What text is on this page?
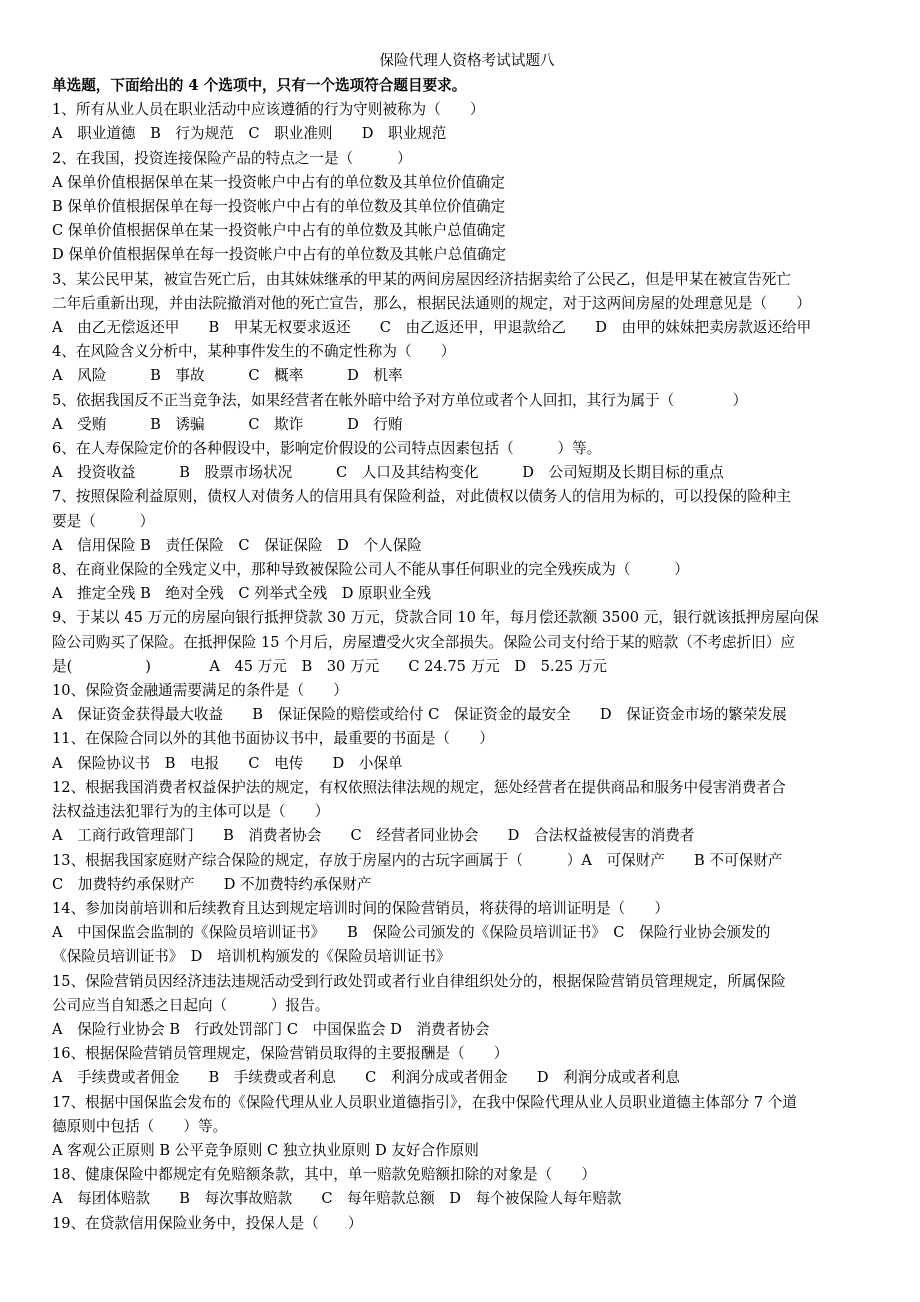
保险代理人资格考试试题八

单选题，下面给出的 4 个选项中，只有一个选项符合题目要求。

1、所有从业人员在职业活动中应该遵循的行为守则被称为（　　）

A　职业道德　B　行为规范　C　职业准则　　D　职业规范

2、在我国，投资连接保险产品的特点之一是（　　　）

A 保单价值根据保单在某一投资帐户中占有的单位数及其单位价值确定

B 保单价值根据保单在每一投资帐户中占有的单位数及其单位价值确定

C 保单价值根据保单在某一投资帐户中占有的单位数及其帐户总值确定

D 保单价值根据保单在每一投资帐户中占有的单位数及其帐户总值确定

3、某公民甲某，被宣告死亡后，由其妹妹继承的甲某的两间房屋因经济拮据卖给了公民乙，但是甲某在被宣告死亡

二年后重新出现，并由法院撤消对他的死亡宣告，那么，根据民法通则的规定，对于这两间房屋的处理意见是（　　）

A　由乙无偿返还甲　　B　甲某无权要求返还　　C　由乙返还甲，甲退款给乙　　D　由甲的妹妹把卖房款返还给甲

4、在风险含义分析中，某种事件发生的不确定性称为（　　）

A　风险　　　B　事故　　　C　概率　　　D　机率

5、依据我国反不正当竞争法，如果经营者在帐外暗中给予对方单位或者个人回扣，其行为属于（　　　　）

A　受贿　　　B　诱骗　　　C　欺诈　　　D　行贿

6、在人寿保险定价的各种假设中，影响定价假设的公司特点因素包括（　　　）等。

A　投资收益　　　B　股票市场状况　　　C　人口及其结构变化　　　D　公司短期及长期目标的重点

7、按照保险利益原则，债权人对债务人的信用具有保险利益，对此债权以债务人的信用为标的，可以投保的险种主

要是（　　　）

A　信用保险 B　责任保险　C　保证保险　D　个人保险

8、在商业保险的全残定义中，那种导致被保险公司人不能从事任何职业的完全残疾成为（　　　）

A　推定全残 B　绝对全残　C 列举式全残　D 原职业全残

9、于某以 45 万元的房屋向银行抵押贷款 30 万元，贷款合同 10 年，每月偿还款额 3500 元，银行就该抵押房屋向保

险公司购买了保险。在抵押保险 15 个月后，房屋遭受火灾全部损失。保险公司支付给于某的赔款（不考虑折旧）应

是(　　　　　)　　　　A　45 万元　B　30 万元　　C 24.75 万元　D　5.25 万元

10、保险资金融通需要满足的条件是（　　）

A　保证资金获得最大收益　　B　保证保险的赔偿或给付 C　保证资金的最安全　　D　保证资金市场的繁荣发展

11、在保险合同以外的其他书面协议书中，最重要的书面是（　　）

A　保险协议书　B　电报　　C　电传　　D　小保单

12、根据我国消费者权益保护法的规定，有权依照法律法规的规定，惩处经营者在提供商品和服务中侵害消费者合

法权益违法犯罪行为的主体可以是（　　）

A　工商行政管理部门　　B　消费者协会　　C　经营者同业协会　　D　合法权益被侵害的消费者

13、根据我国家庭财产综合保险的规定，存放于房屋内的古玩字画属于（　　　）A　可保财产　　B 不可保财产

C　加费特约承保财产　　D 不加费特约承保财产

14、参加岗前培训和后续教育且达到规定培训时间的保险营销员，将获得的培训证明是（　　）

A　中国保监会监制的《保险员培训证书》　　B　保险公司颁发的《保险员培训证书》　C　保险行业协会颁发的

《保险员培训证书》　D　培训机构颁发的《保险员培训证书》

15、保险营销员因经济违法违规活动受到行政处罚或者行业自律组织处分的，根据保险营销员管理规定，所属保险

公司应当自知悉之日起向（　　　）报告。

A　保险行业协会 B　行政处罚部门 C　中国保监会 D　消费者协会

16、根据保险营销员管理规定，保险营销员取得的主要报酬是（　　）

A　手续费或者佣金　　B　手续费或者利息　　C　利润分成或者佣金　　D　利润分成或者利息

17、根据中国保监会发布的《保险代理从业人员职业道德指引》，在我中保险代理从业人员职业道德主体部分 7 个道

德原则中包括（　　）等。

A 客观公正原则 B 公平竞争原则 C 独立执业原则 D 友好合作原则

18、健康保险中都规定有免赔额条款，其中，单一赔款免赔额扣除的对象是（　　）

A　每团体赔款　　B　每次事故赔款　　C　每年赔款总额　D　每个被保险人每年赔款

19、在贷款信用保险业务中，投保人是（　　）
